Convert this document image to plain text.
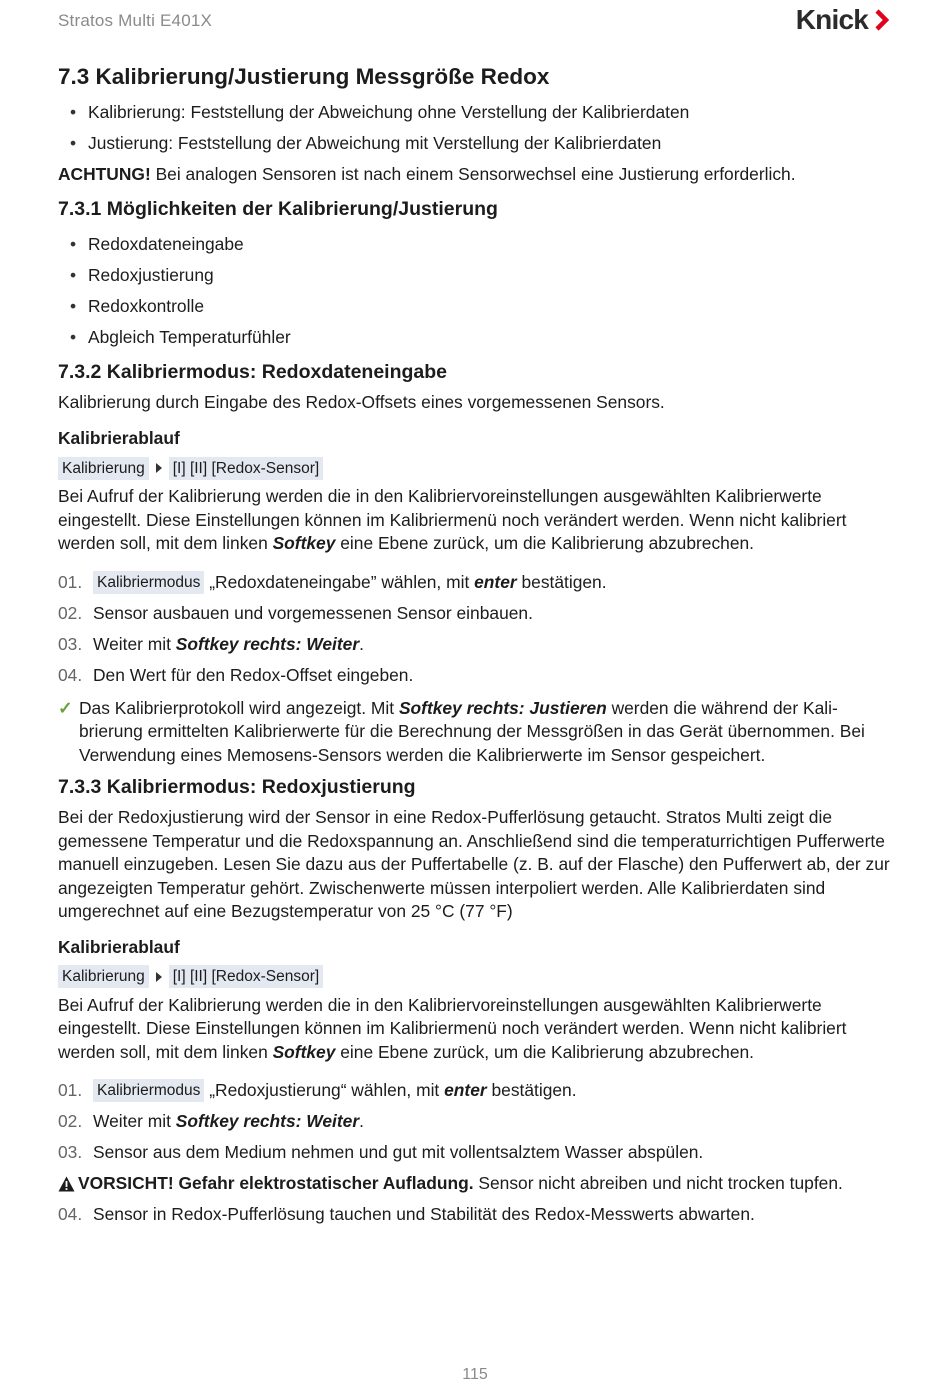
Stratos Multi E401X	Knick
7.3 Kalibrierung/Justierung Messgröße Redox
• Kalibrierung: Feststellung der Abweichung ohne Verstellung der Kalibrierdaten
• Justierung: Feststellung der Abweichung mit Verstellung der Kalibrierdaten
ACHTUNG! Bei analogen Sensoren ist nach einem Sensorwechsel eine Justierung erforderlich.
7.3.1 Möglichkeiten der Kalibrierung/Justierung
• Redoxdateneingabe
• Redoxjustierung
• Redoxkontrolle
• Abgleich Temperaturfühler
7.3.2 Kalibriermodus: Redoxdateneingabe

Kalibrierung durch Eingabe des Redox-Offsets eines vorgemessenen Sensors.

Kalibrierablauf
Kalibrierung [I] [II] [Redox-Sensor]

Bei Aufruf der Kalibrierung werden die in den Kalibriervoreinstellungen ausgewählten Kalibrierwerte eingestellt. Diese Einstellungen können im Kalibriermenü noch verändert werden. Wenn nicht kalibriert werden soll, mit dem linken Softkey eine Ebene zurück, um die Kalibrierung abzubrechen.

01. Kalibriermodus „Redoxdateneingabe” wählen, mit enter bestätigen.
02. Sensor ausbauen und vorgemessenen Sensor einbauen.
03. Weiter mit Softkey rechts: Weiter .
04. Den Wert für den Redox-Offset eingeben.
✓ Das Kalibrierprotokoll wird angezeigt. Mit Softkey rechts: Justieren werden die während der Kalibrierung ermittelten Kalibrierwerte für die Berechnung der Messgrößen in das Gerät übernommen. Bei Verwendung eines Memosens-Sensors werden die Kalibrierwerte im Sensor gespeichert.

7.3.3 Kalibriermodus: Redoxjustierung

Bei der Redoxjustierung wird der Sensor in eine Redox-Pufferlösung getaucht. Stratos Multi zeigt die gemessene Temperatur und die Redoxspannung an. Anschließend sind die temperaturrichtigen Pufferwerte manuell einzugeben. Lesen Sie dazu aus der Puffertabelle (z. B. auf der Flasche) den Pufferwert ab, der zur angezeigten Temperatur gehört. Zwischenwerte müssen interpoliert werden. Alle Kalibrierdaten sind umgerechnet auf eine Bezugstemperatur von 25 °C (77 °F)

Kalibrierablauf
Kalibrierung [I] [II] [Redox-Sensor]

Bei Aufruf der Kalibrierung werden die in den Kalibriervoreinstellungen ausgewählten Kalibrierwerte eingestellt. Diese Einstellungen können im Kalibriermenü noch verändert werden. Wenn nicht kalibriert werden soll, mit dem linken Softkey eine Ebene zurück, um die Kalibrierung abzubrechen.

01. Kalibriermodus „Redoxjustierung“ wählen, mit enter bestätigen.
02. Weiter mit Softkey rechts: Weiter .
03. Sensor aus dem Medium nehmen und gut mit vollentsalztem Wasser abspülen.
VORSICHT! Gefahr elektrostatischer Aufladung. Sensor nicht abreiben und nicht trocken tupfen.
04. Sensor in Redox-Pufferlösung tauchen und Stabilität des Redox-Messwerts abwarten.
115
